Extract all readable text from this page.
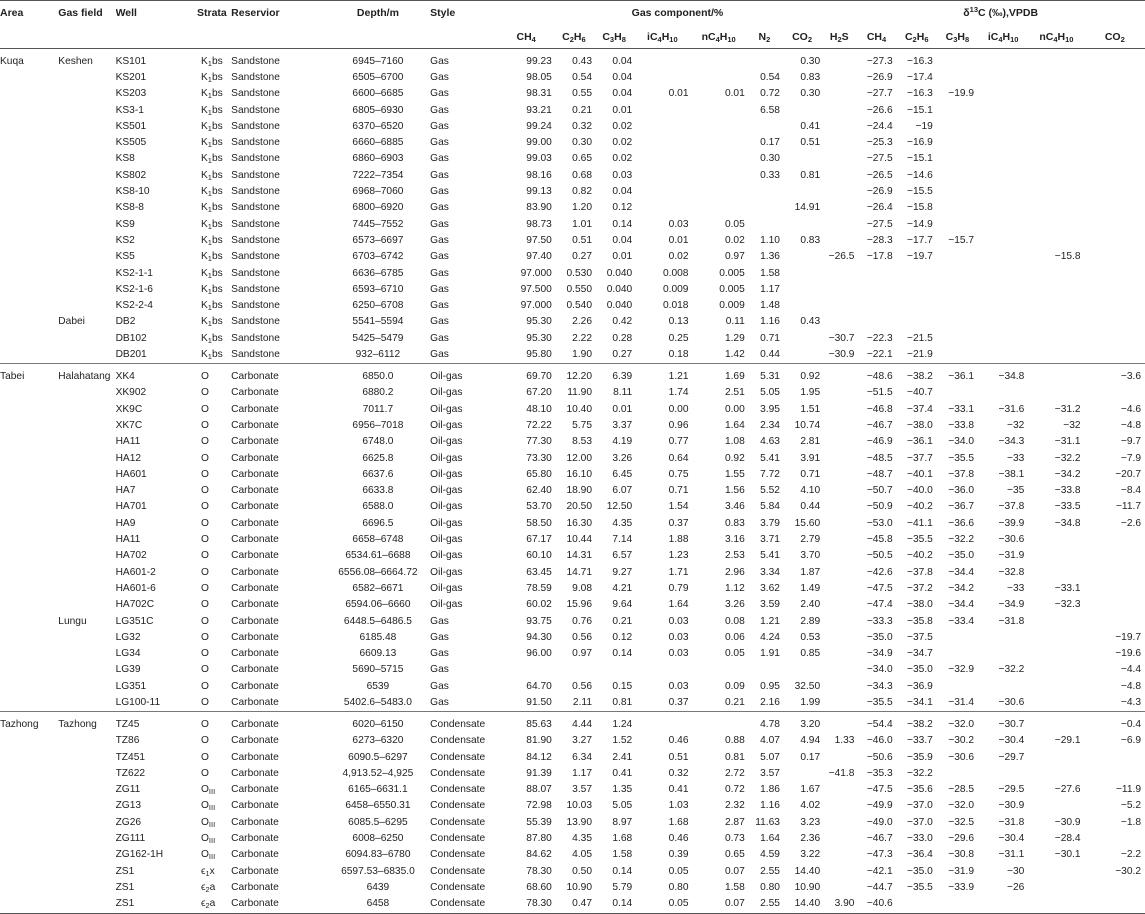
Area	Gas field	Well	Strata	Reservior	Depth/m	Style	Gas component/%								$\delta^{13}C$ (‰),VPDB					
							$CH_4$	$C_2H_6$	$C_3H_8$	$iC_4H_{10}$	$nC_4H_{10}$	$N_2$	$CO_2$	$H_2S$	$CH_4$	$C_2H_6$	$C_3H_8$	$iC_4H_{10}$	$nC_4H_{10}$	$CO_2$
Kuqa	Keshen	KS101	$K_1bs$	Sandstone	6945–7160	Gas	99.23	0.43	0.04				0.30		−27.3	−16.3				
		KS201	$K_1bs$	Sandstone	6505–6700	Gas	98.05	0.54	0.04			0.54	0.83		−26.9	−17.4				
		KS203	$K_1bs$	Sandstone	6600–6685	Gas	98.31	0.55	0.04	0.01	0.01	0.72	0.30		−27.7	−16.3	−19.9			
		KS3-1	$K_1bs$	Sandstone	6805–6930	Gas	93.21	0.21	0.01			6.58			−26.6	−15.1				
		KS501	$K_1bs$	Sandstone	6370–6520	Gas	99.24	0.32	0.02				0.41		−24.4	−19				
		KS505	$K_1bs$	Sandstone	6660–6885	Gas	99.00	0.30	0.02			0.17	0.51		−25.3	−16.9				
		KS8	$K_1bs$	Sandstone	6860–6903	Gas	99.03	0.65	0.02			0.30			−27.5	−15.1				
		KS802	$K_1bs$	Sandstone	7222–7354	Gas	98.16	0.68	0.03			0.33	0.81		−26.5	−14.6				
		KS8-10	$K_1bs$	Sandstone	6968–7060	Gas	99.13	0.82	0.04						−26.9	−15.5				
		KS8-8	$K_1bs$	Sandstone	6800–6920	Gas	83.90	1.20	0.12				14.91		−26.4	−15.8				
		KS9	$K_1bs$	Sandstone	7445–7552	Gas	98.73	1.01	0.14	0.03	0.05				−27.5	−14.9				
		KS2	$K_1bs$	Sandstone	6573–6697	Gas	97.50	0.51	0.04	0.01	0.02	1.10	0.83		−28.3	−17.7	−15.7			
		KS5	$K_1bs$	Sandstone	6703–6742	Gas	97.40	0.27	0.01	0.02	0.97	1.36		−26.5	−17.8	−19.7			−15.8	
		KS2-1-1	$K_1bs$	Sandstone	6636–6785	Gas	97.000	0.530	0.040	0.008	0.005	1.58								
		KS2-1-6	$K_1bs$	Sandstone	6593–6710	Gas	97.500	0.550	0.040	0.009	0.005	1.17								
		KS2-2-4	$K_1bs$	Sandstone	6250–6708	Gas	97.000	0.540	0.040	0.018	0.009	1.48								
	Dabei	DB2	$K_1bs$	Sandstone	5541–5594	Gas	95.30	2.26	0.42	0.13	0.11	1.16	0.43							
		DB102	$K_1bs$	Sandstone	5425–5479	Gas	95.30	2.22	0.28	0.25	1.29	0.71		−30.7	−22.3	−21.5				
		DB201	$K_1bs$	Sandstone	932–6112	Gas	95.80	1.90	0.27	0.18	1.42	0.44		−30.9	−22.1	−21.9				
Tabei	Halahatang	XK4	O	Carbonate	6850.0	Oil-gas	69.70	12.20	6.39	1.21	1.69	5.31	0.92		−48.6	−38.2	−36.1	−34.8		−3.6
		XK902	O	Carbonate	6880.2	Oil-gas	67.20	11.90	8.11	1.74	2.51	5.05	1.95		−51.5	−40.7				
		XK9C	O	Carbonate	7011.7	Oil-gas	48.10	10.40	0.01	0.00	0.00	3.95	1.51		−46.8	−37.4	−33.1	−31.6	−31.2	−4.6
		XK7C	O	Carbonate	6956–7018	Oil-gas	72.22	5.75	3.37	0.96	1.64	2.34	10.74		−46.7	−38.0	−33.8	−32	−32	−4.8
		HA11	O	Carbonate	6748.0	Oil-gas	77.30	8.53	4.19	0.77	1.08	4.63	2.81		−46.9	−36.1	−34.0	−34.3	−31.1	−9.7
		HA12	O	Carbonate	6625.8	Oil-gas	73.30	12.00	3.26	0.64	0.92	5.41	3.91		−48.5	−37.7	−35.5	−33	−32.2	−7.9
		HA601	O	Carbonate	6637.6	Oil-gas	65.80	16.10	6.45	0.75	1.55	7.72	0.71		−48.7	−40.1	−37.8	−38.1	−34.2	−20.7
		HA7	O	Carbonate	6633.8	Oil-gas	62.40	18.90	6.07	0.71	1.56	5.52	4.10		−50.7	−40.0	−36.0	−35	−33.8	−8.4
		HA701	O	Carbonate	6588.0	Oil-gas	53.70	20.50	12.50	1.54	3.46	5.84	0.44		−50.9	−40.2	−36.7	−37.8	−33.5	−11.7
		HA9	O	Carbonate	6696.5	Oil-gas	58.50	16.30	4.35	0.37	0.83	3.79	15.60		−53.0	−41.1	−36.6	−39.9	−34.8	−2.6
		HA11	O	Carbonate	6658–6748	Oil-gas	67.17	10.44	7.14	1.88	3.16	3.71	2.79		−45.8	−35.5	−32.2	−30.6		
		HA702	O	Carbonate	6534.61–6688	Oil-gas	60.10	14.31	6.57	1.23	2.53	5.41	3.70		−50.5	−40.2	−35.0	−31.9		
		HA601-2	O	Carbonate	6556.08–6664.72	Oil-gas	63.45	14.71	9.27	1.71	2.96	3.34	1.87		−42.6	−37.8	−34.4	−32.8		
		HA601-6	O	Carbonate	6582–6671	Oil-gas	78.59	9.08	4.21	0.79	1.12	3.62	1.49		−47.5	−37.2	−34.2	−33	−33.1	
		HA702C	O	Carbonate	6594.06–6660	Oil-gas	60.02	15.96	9.64	1.64	3.26	3.59	2.40		−47.4	−38.0	−34.4	−34.9	−32.3	
	Lungu	LG351C	O	Carbonate	6448.5–6486.5	Gas	93.75	0.76	0.21	0.03	0.08	1.21	2.89		−33.3	−35.8	−33.4	−31.8		
		LG32	O	Carbonate	6185.48	Gas	94.30	0.56	0.12	0.03	0.06	4.24	0.53		−35.0	−37.5				−19.7
		LG34	O	Carbonate	6609.13	Gas	96.00	0.97	0.14	0.03	0.05	1.91	0.85		−34.9	−34.7				−19.6
		LG39	O	Carbonate	5690–5715	Gas									−34.0	−35.0	−32.9	−32.2		−4.4
		LG351	O	Carbonate	6539	Gas	64.70	0.56	0.15	0.03	0.09	0.95	32.50		−34.3	−36.9				−4.8
		LG100-11	O	Carbonate	5402.6–5483.0	Gas	91.50	2.11	0.81	0.37	0.21	2.16	1.99		−35.5	−34.1	−31.4	−30.6		−4.3
Tazhong	Tazhong	TZ45	O	Carbonate	6020–6150	Condensate	85.63	4.44	1.24			4.78	3.20		−54.4	−38.2	−32.0	−30.7		−0.4
		TZ86	O	Carbonate	6273–6320	Condensate	81.90	3.27	1.52	0.46	0.88	4.07	4.94	1.33	−46.0	−33.7	−30.2	−30.4	−29.1	−6.9
		TZ451	O	Carbonate	6090.5–6297	Condensate	84.12	6.34	2.41	0.51	0.81	5.07	0.17		−50.6	−35.9	−30.6	−29.7		
		TZ622	O	Carbonate	4,913.52–4,925	Condensate	91.39	1.17	0.41	0.32	2.72	3.57		−41.8	−35.3	−32.2				
		ZG11	$O_{III}$	Carbonate	6165–6631.1	Condensate	88.07	3.57	1.35	0.41	0.72	1.86	1.67		−47.5	−35.6	−28.5	−29.5	−27.6	−11.9
		ZG13	$O_{III}$	Carbonate	6458–6550.31	Condensate	72.98	10.03	5.05	1.03	2.32	1.16	4.02		−49.9	−37.0	−32.0	−30.9		−5.2
		ZG26	$O_{III}$	Carbonate	6085.5–6295	Condensate	55.39	13.90	8.97	1.68	2.87	11.63	3.23		−49.0	−37.0	−32.5	−31.8	−30.9	−1.8
		ZG111	$O_{III}$	Carbonate	6008–6250	Condensate	87.80	4.35	1.68	0.46	0.73	1.64	2.36		−46.7	−33.0	−29.6	−30.4	−28.4	
		ZG162-1H	$O_{III}$	Carbonate	6094.83–6780	Condensate	84.62	4.05	1.58	0.39	0.65	4.59	3.22		−47.3	−36.4	−30.8	−31.1	−30.1	−2.2
		ZS1	$\epsilon_1x$	Carbonate	6597.53–6835.0	Condensate	78.30	0.50	0.14	0.05	0.07	2.55	14.40		−42.1	−35.0	−31.9	−30		−30.2
		ZS1	$\epsilon_2a$	Carbonate	6439	Condensate	68.60	10.90	5.79	0.80	1.58	0.80	10.90		−44.7	−35.5	−33.9	−26		
		ZS1	$\epsilon_2a$	Carbonate	6458	Condensate	78.30	0.47	0.14	0.05	0.07	2.55	14.40	3.90	−40.6					
